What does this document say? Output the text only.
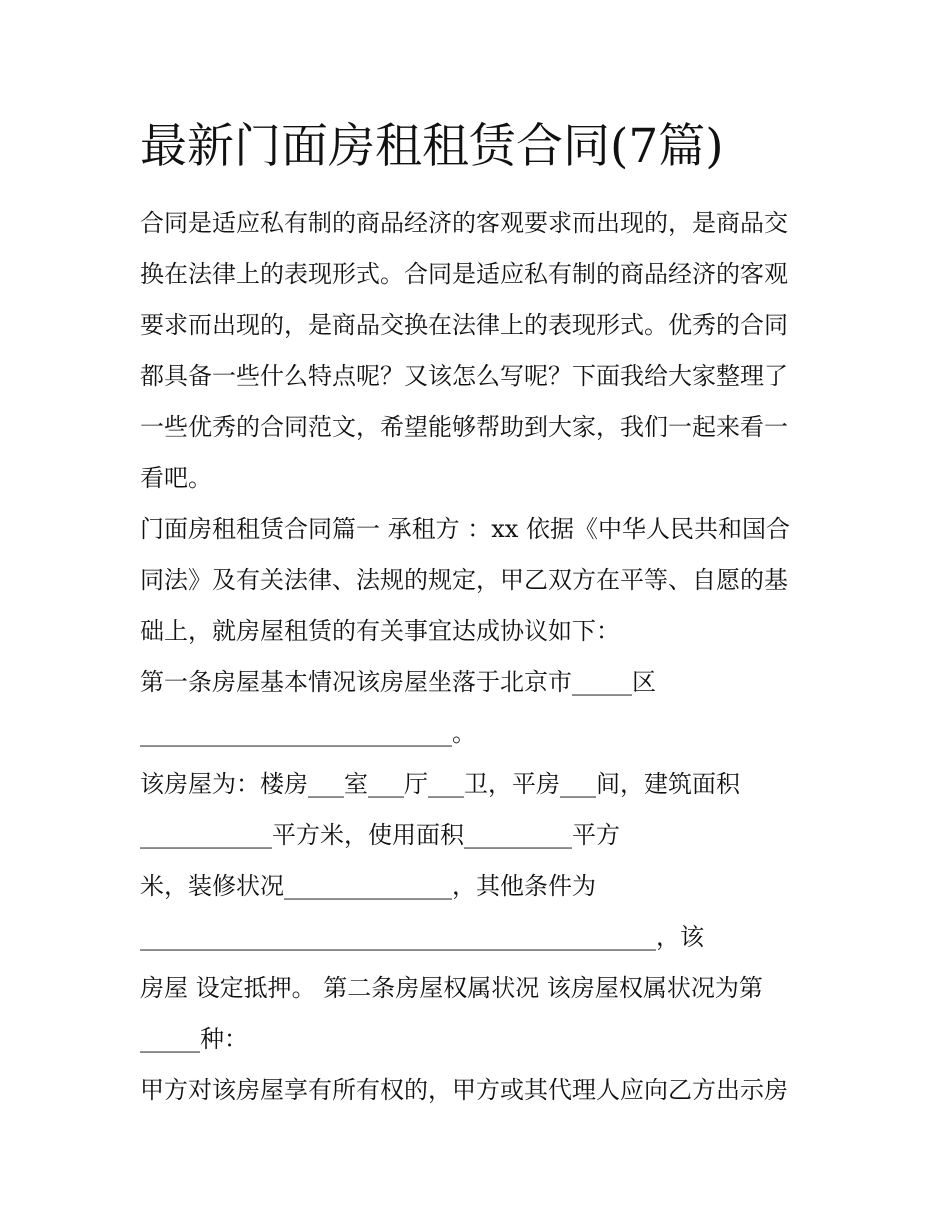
最新门面房租租赁合同(7篇)
合同是适应私有制的商品经济的客观要求而出现的，是商品交
换在法律上的表现形式。合同是适应私有制的商品经济的客观
要求而出现的，是商品交换在法律上的表现形式。优秀的合同
都具备一些什么特点呢？又该怎么写呢？下面我给大家整理了
一些优秀的合同范文，希望能够帮助到大家，我们一起来看一
看吧。
门面房租租赁合同篇一 承租方 ：xx 依据《中华人民共和国合
同法》及有关法律、法规的规定，甲乙双方在平等、自愿的基
础上，就房屋租赁的有关事宜达成协议如下：
第一条房屋基本情况该房屋坐落于北京市_____区
__________________________。
该房屋为：楼房___室___厅___卫，平房___间，建筑面积
___________平方米，使用面积_________平方
米，装修状况______________，其他条件为
___________________________________________，该
房屋 设定抵押。 第二条房屋权属状况 该房屋权属状况为第
_____种：
甲方对该房屋享有所有权的，甲方或其代理人应向乙方出示房
